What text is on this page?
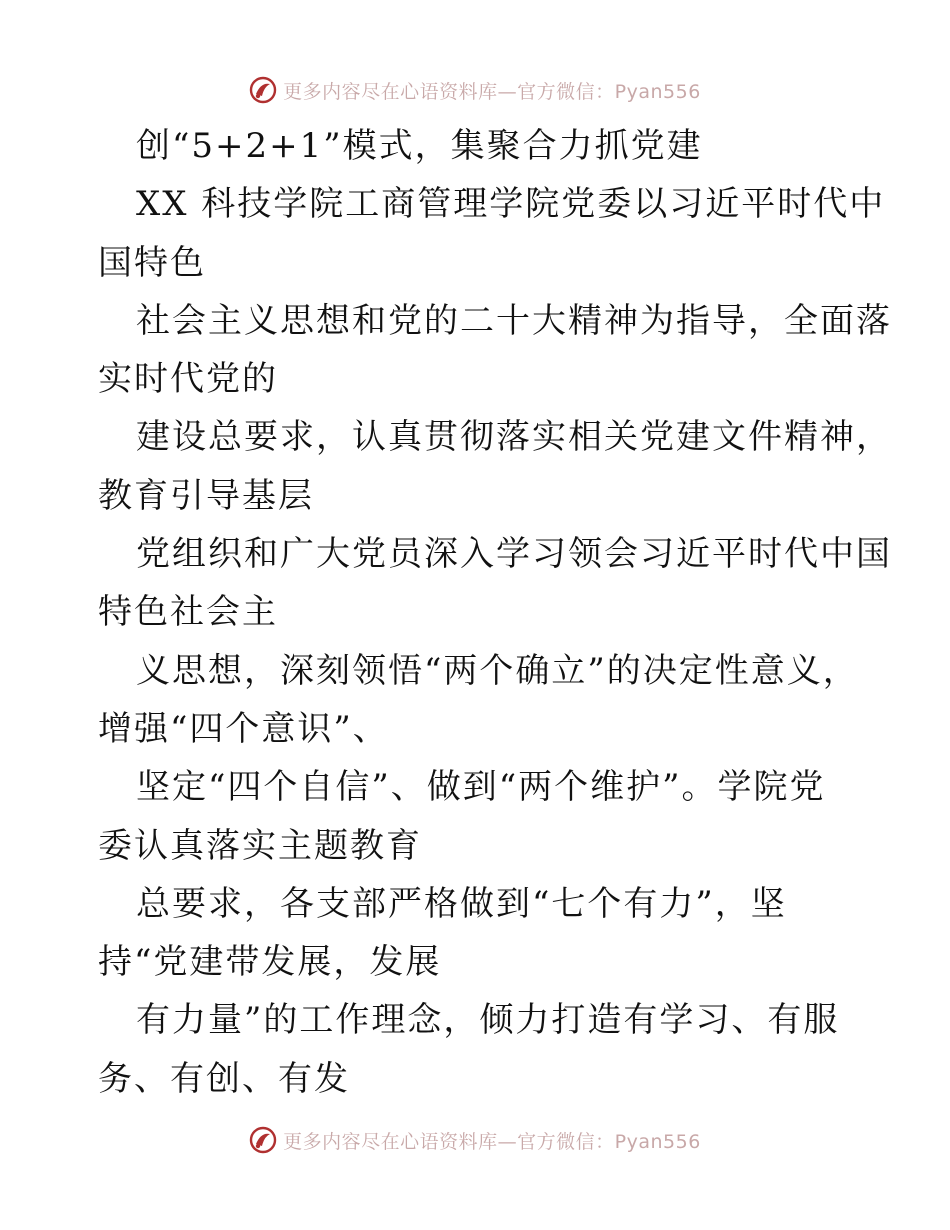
更多内容尽在心语资料库—官方微信：Pyan556
创“5+2+1”模式，集聚合力抓党建
XX 科技学院工商管理学院党委以习近平时代中
国特色
社会主义思想和党的二十大精神为指导，全面落
实时代党的
建设总要求，认真贯彻落实相关党建文件精神，
教育引导基层
党组织和广大党员深入学习领会习近平时代中国
特色社会主
义思想，深刻领悟“两个确立”的决定性意义，
增强“四个意识”、
坚定“四个自信”、做到“两个维护”。学院党
委认真落实主题教育
总要求，各支部严格做到“七个有力”，坚
持“党建带发展，发展
有力量”的工作理念，倾力打造有学习、有服
务、有创、有发
更多内容尽在心语资料库—官方微信：Pyan556
